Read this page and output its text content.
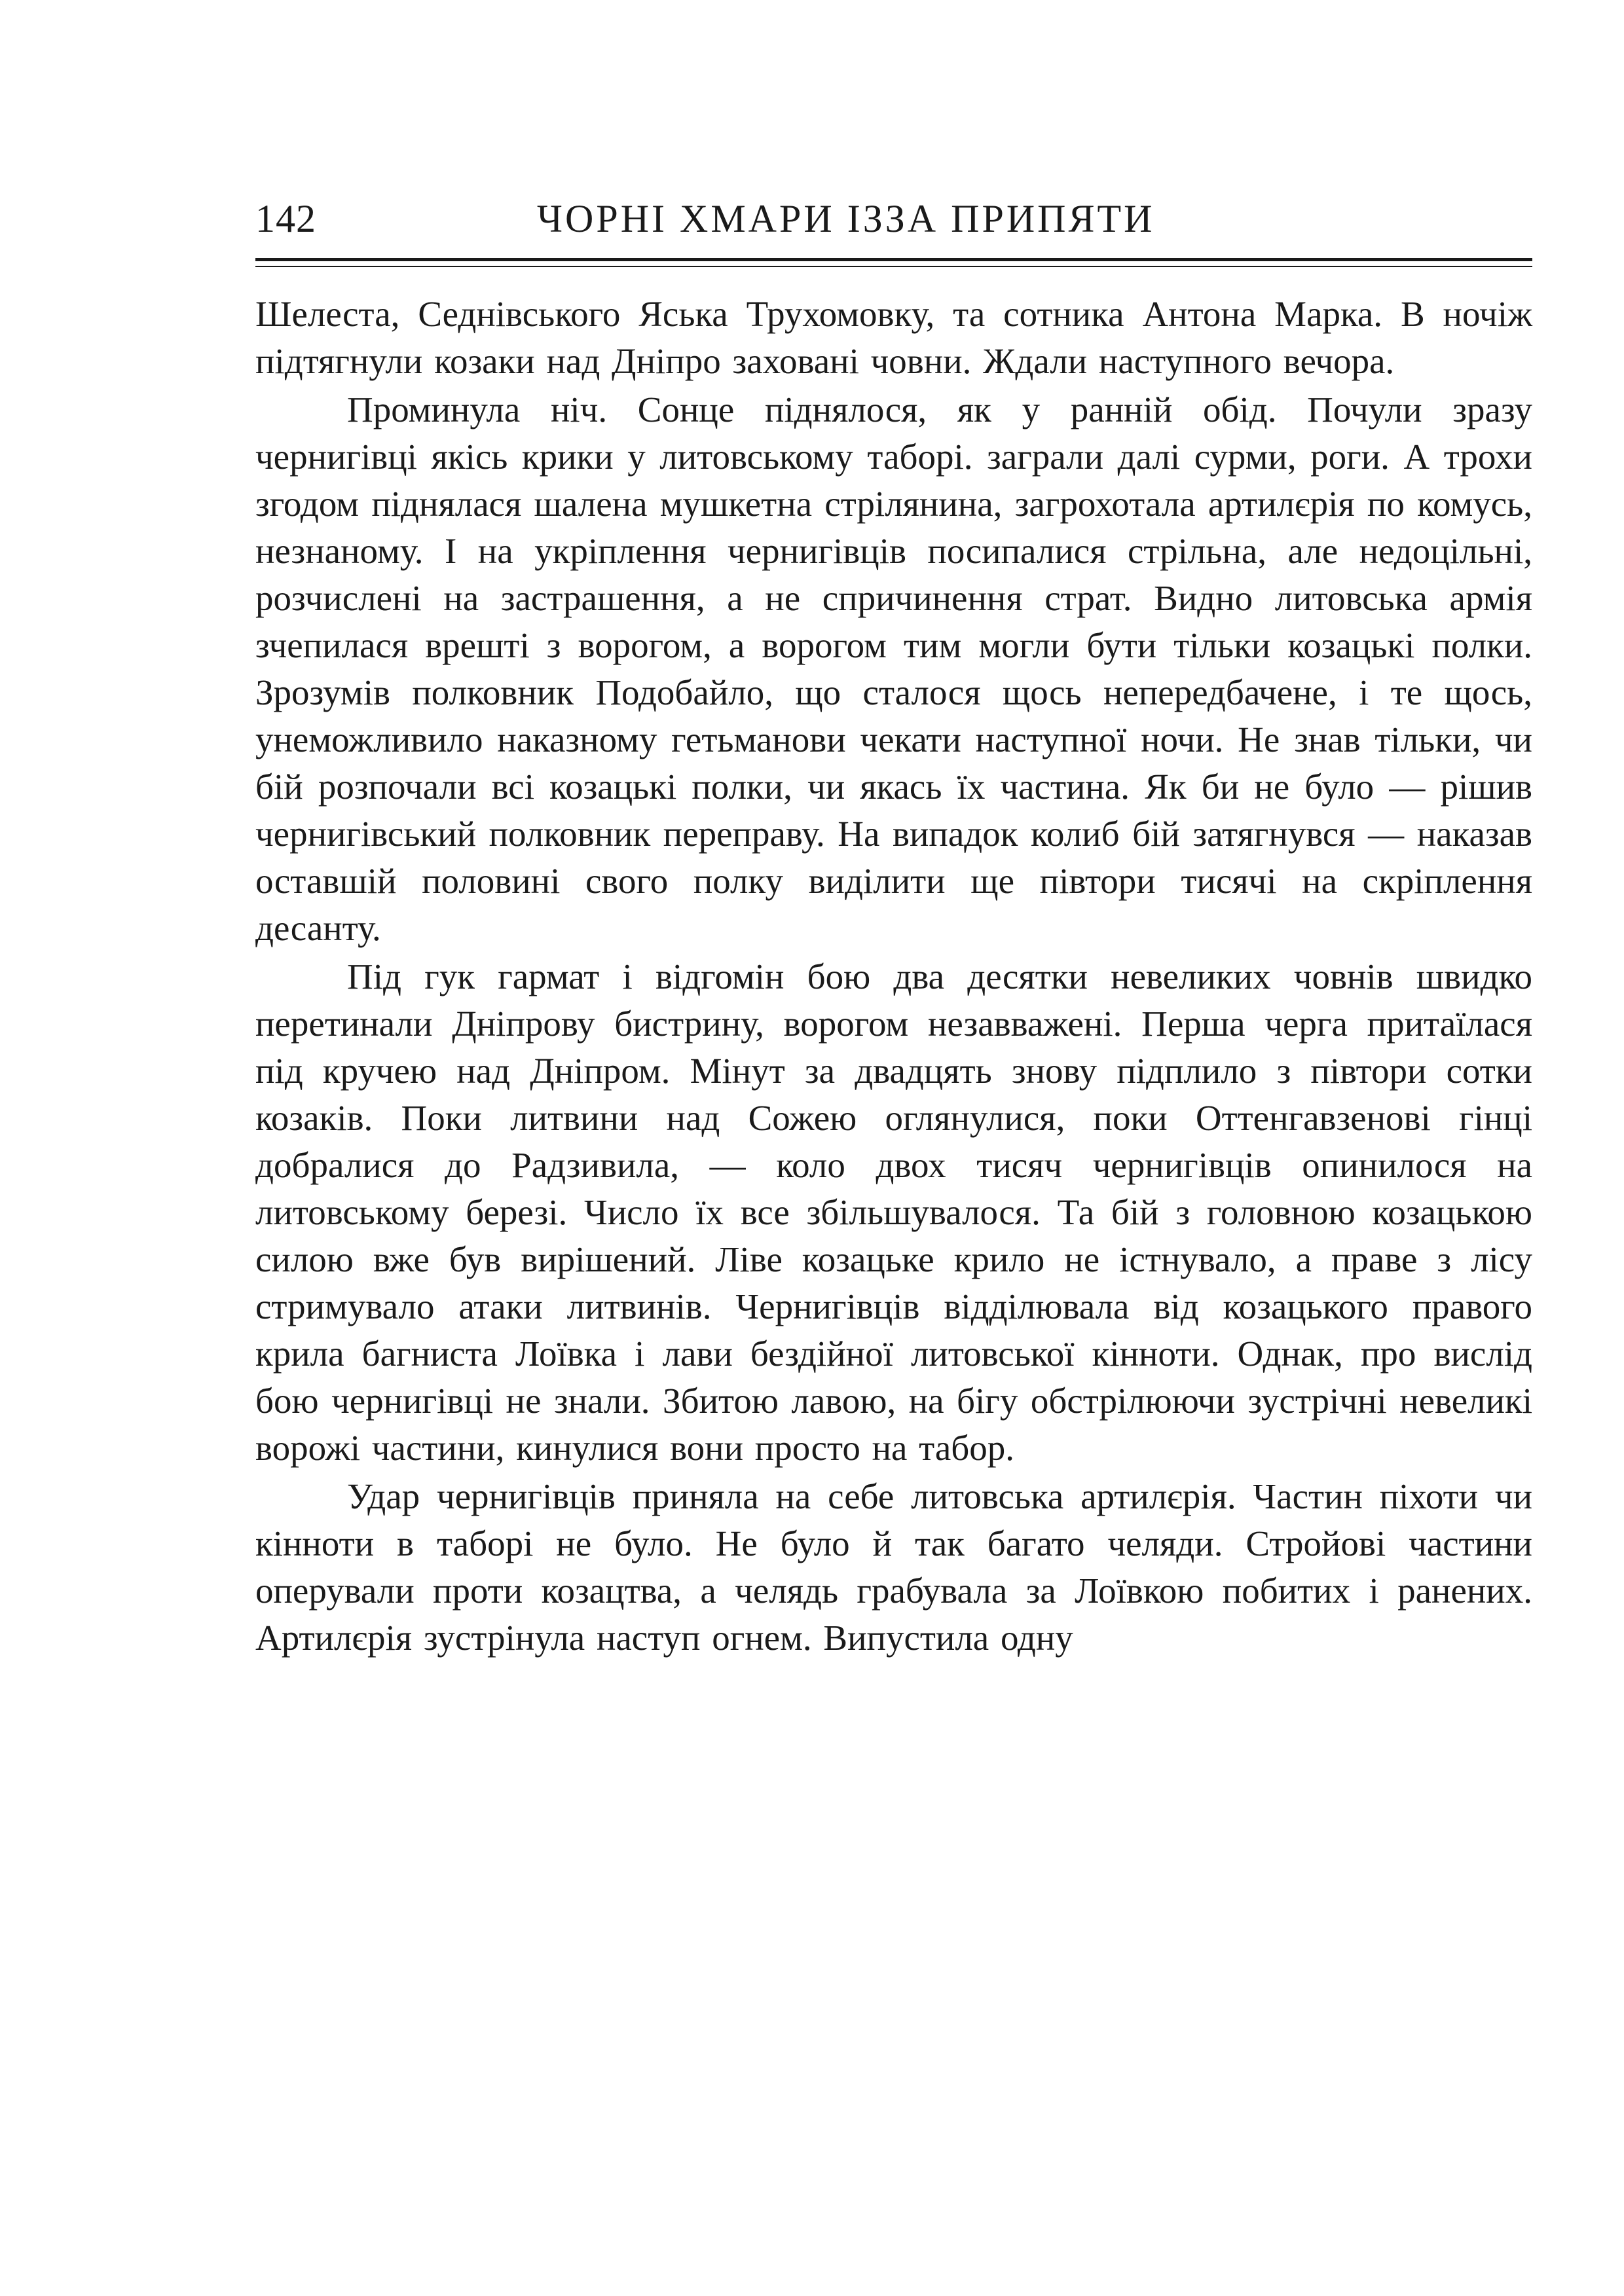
142	ЧОРНІ ХМАРИ ІЗЗА ПРИПЯТИ

Шелеста, Седнівського Яська Трухомовку, та сотника Антона Марка. В ночіж підтягнули козаки над Дніпро заховані човни. Ждали наступного вечора.

Проминула ніч. Сонце піднялося, як у ранній обід. Почули зразу чернигівці якісь крики у литовському таборі. заграли далі сурми, роги. А трохи згодом піднялася шалена мушкетна стрілянина, загрохотала артилєрія по комусь, незнаному. І на укріплення чернигівців посипалися стрільна, але недоцільні, розчислені на застрашення, а не спричинення страт. Видно литовська армія зчепилася врешті з ворогом, а ворогом тим могли бути тільки козацькі полки. Зрозумів полковник Подобайло, що сталося щось непередбачене, і те щось, унеможливило наказному гетьманови чекати наступної ночи. Не знав тільки, чи бій розпочали всі козацькі полки, чи якась їх частина. Як би не було — рішив чернигівський полковник переправу. На випадок колиб бій затягнувся — наказав оставшій половині свого полку виділити ще півтори тисячі на скріплення десанту.

Під гук гармат і відгомін бою два десятки невеликих човнів швидко перетинали Дніпрову бистрину, ворогом незавважені. Перша черга притаїлася під кручею над Дніпром. Мінут за двадцять знову підплило з півтори сотки козаків. Поки литвини над Сожею оглянулися, поки Оттенгавзенові гінці добралися до Радзивила, — коло двох тисяч чернигівців опинилося на литовському березі. Число їх все збільшувалося. Та бій з головною козацькою силою вже був вирішений. Ліве козацьке крило не істнувало, а праве з лісу стримувало атаки литвинів. Чернигівців відділювала від козацького правого крила багниста Лоївка і лави бездійної литовської кінноти. Однак, про вислід бою чернигівці не знали. Збитою лавою, на бігу обстрілюючи зустрічні невеликі ворожі частини, кинулися вони просто на табор.

Удар чернигівців приняла на себе литовська артилєрія. Частин піхоти чи кінноти в таборі не було. Не було й так багато челяди. Стройові частини оперували проти козацтва, а челядь грабувала за Лоївкою побитих і ранених. Артилєрія зустрінула наступ огнем. Випустила одну
